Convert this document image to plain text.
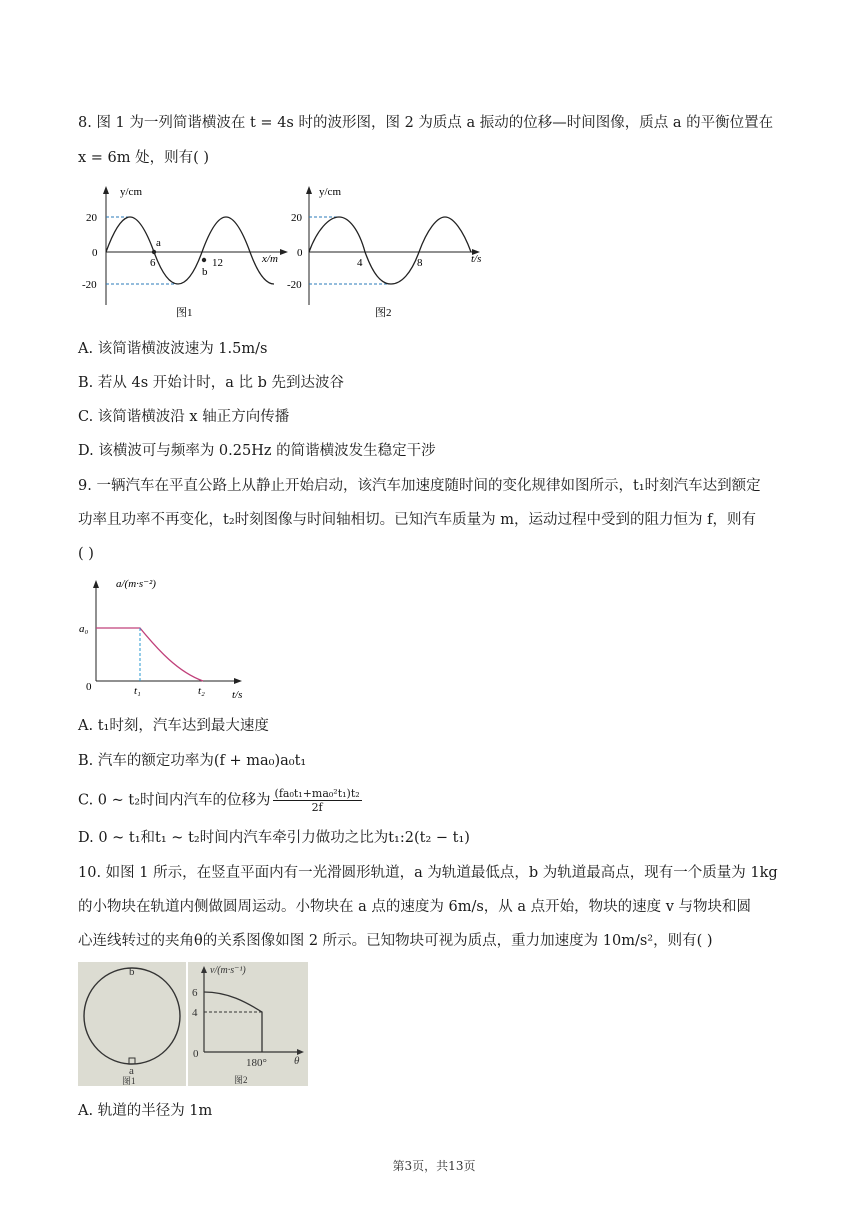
8. 图 1 为一列简谐横波在 t = 4s 时的波形图，图 2 为质点 a 振动的位移—时间图像，质点 a 的平衡位置在
x = 6m 处，则有( )
y/cm
20
0
-20
6	12
a
b
x/m
图1
y/cm
20
0
-20
4	8	t/s
图2
A. 该简谐横波波速为 1.5m/s
B. 若从 4s 开始计时，a 比 b 先到达波谷
C. 该简谐横波沿 x 轴正方向传播
D. 该横波可与频率为 0.25Hz 的简谐横波发生稳定干涉
9. 一辆汽车在平直公路上从静止开始启动，该汽车加速度随时间的变化规律如图所示，t₁时刻汽车达到额定
功率且功率不再变化，t₂时刻图像与时间轴相切。已知汽车质量为 m，运动过程中受到的阻力恒为 f，则有
( )
a/(m·s⁻²)
a₀
0	t₁	t₂ t/s
A. t₁时刻，汽车达到最大速度
B. 汽车的额定功率为(f + ma₀)a₀t₁
C. 0 ~ t₂时间内汽车的位移为 $\frac{\text{(fa₀t₁+ma₀²t₁)t₂}}{2f}$
D. 0 ~ t₁和t₁ ~ t₂时间内汽车牵引力做功之比为t₁:2(t₂ − t₁)
10. 如图 1 所示，在竖直平面内有一光滑圆形轨道，a 为轨道最低点，b 为轨道最高点，现有一个质量为 1kg
的小物块在轨道内侧做圆周运动。小物块在 a 点的速度为 6m/s，从 a 点开始，物块的速度 v 与物块和圆
心连线转过的夹角θ的关系图像如图 2 所示。已知物块可视为质点，重力加速度为 10m/s²，则有( )
b
a
图1
v/(m·s⁻¹)
6
4
0
180° θ
图2
A. 轨道的半径为 1m
第3页，共13页
